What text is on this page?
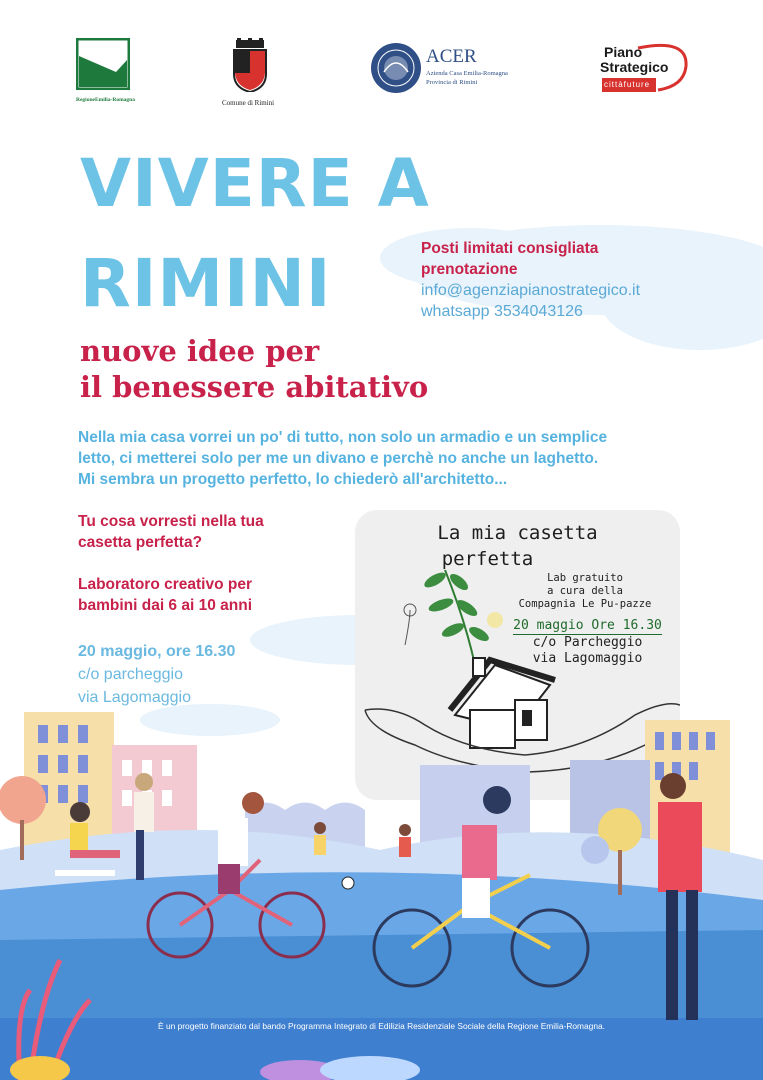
RegioneEmilia-Romagna	Comune di Rimini
ACER
Azienda Casa Emilia-Romagna
Provincia di Rimini
Piano
Strategico
cittàfuture
VIVERE A
RIMINI	Posti limitati consigliata
prenotazione
info@agenziapianostrategico.it
whatsapp 3534043126
nuove idee per
il benessere abitativo
Nella mia casa vorrei un po' di tutto, non solo un armadio e un semplice
letto, ci metterei solo per me un divano e perchè no anche un laghetto.
Mi sembra un progetto perfetto, lo chiederò all'architetto...
Tu cosa vorresti nella tua
casetta perfetta?
Laboratoro creativo per
bambini dai 6 ai 10 anni
20 maggio, ore 16.30
c/o parcheggio
via Lagomaggio
La mia casetta
perfetta
Lab gratuito
a cura della
Compagnia Le Pu-pazze
20 maggio Ore 16.30
c/o Parcheggio
via Lagomaggio
È un progetto finanziato dal bando Programma Integrato di Edilizia Residenziale Sociale della Regione Emilia-Romagna.
